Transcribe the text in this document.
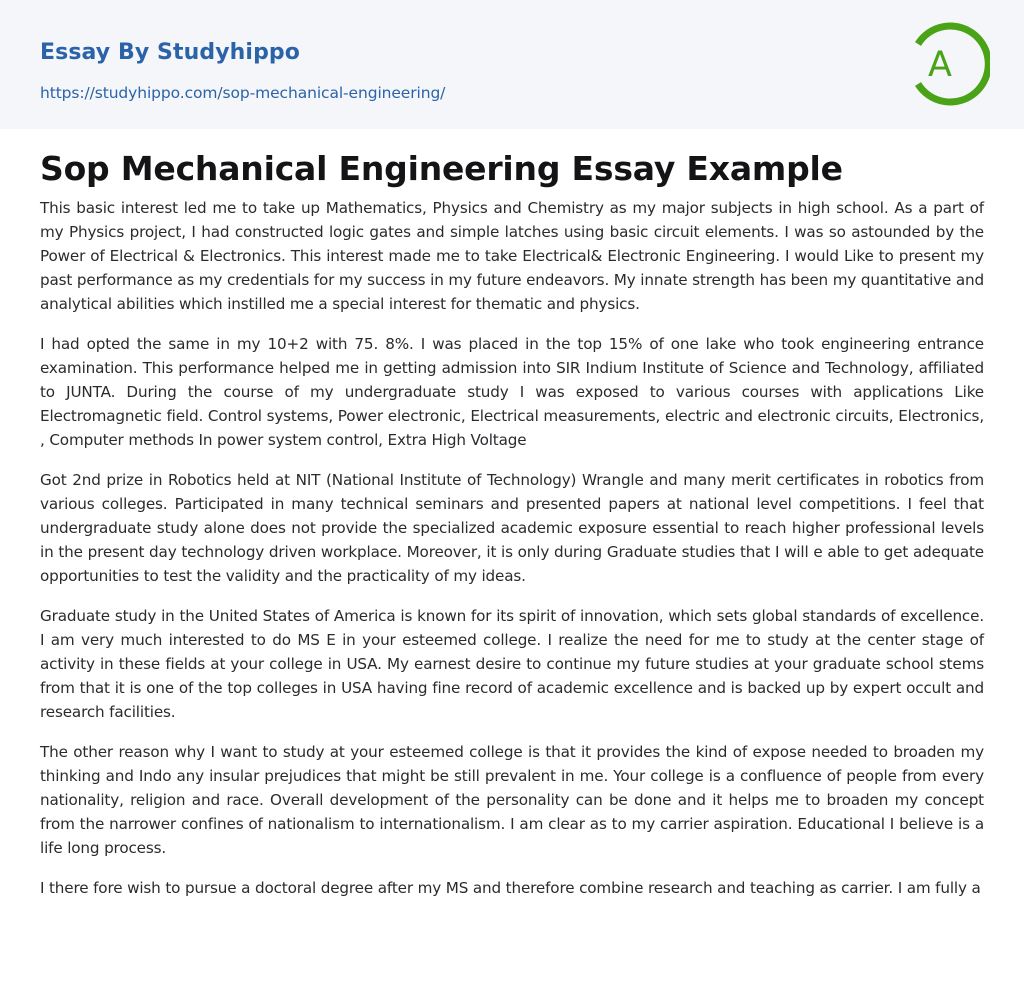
Essay By Studyhippo
https://studyhippo.com/sop-mechanical-engineering/
A
Sop Mechanical Engineering Essay Example

This basic interest led me to take up Mathematics, Physics and Chemistry as my major subjects in high school. As a part of my Physics project, I had constructed logic gates and simple latches using basic circuit elements. I was so astounded by the Power of Electrical & Electronics. This interest made me to take Electrical& Electronic Engineering. I would Like to present my past performance as my credentials for my success in my future endeavors. My innate strength has been my quantitative and analytical abilities which instilled me a special interest for thematic and physics.

I had opted the same in my 10+2 with 75. 8%. I was placed in the top 15% of one lake who took engineering entrance examination. This performance helped me in getting admission into SIR Indium Institute of Science and Technology, affiliated to JUNTA. During the course of my undergraduate study I was exposed to various courses with applications Like Electromagnetic field. Control systems, Power electronic, Electrical measurements, electric and electronic circuits, Electronics, , Computer methods In power system control, Extra High Voltage

Got 2nd prize in Robotics held at NIT (National Institute of Technology) Wrangle and many merit certificates in robotics from various colleges. Participated in many technical seminars and presented papers at national level competitions. I feel that undergraduate study alone does not provide the specialized academic exposure essential to reach higher professional levels in the present day technology driven workplace. Moreover, it is only during Graduate studies that I will e able to get adequate opportunities to test the validity and the practicality of my ideas.

Graduate study in the United States of America is known for its spirit of innovation, which sets global standards of excellence. I am very much interested to do MS E in your esteemed college. I realize the need for me to study at the center stage of activity in these fields at your college in USA. My earnest desire to continue my future studies at your graduate school stems from that it is one of the top colleges in USA having fine record of academic excellence and is backed up by expert occult and research facilities.

The other reason why I want to study at your esteemed college is that it provides the kind of expose needed to broaden my thinking and Indo any insular prejudices that might be still prevalent in me. Your college is a confluence of people from every nationality, religion and race. Overall development of the personality can be done and it helps me to broaden my concept from the narrower confines of nationalism to internationalism. I am clear as to my carrier aspiration. Educational I believe is a life long process.

I there fore wish to pursue a doctoral degree after my MS and therefore combine research and teaching as carrier. I am fully a
